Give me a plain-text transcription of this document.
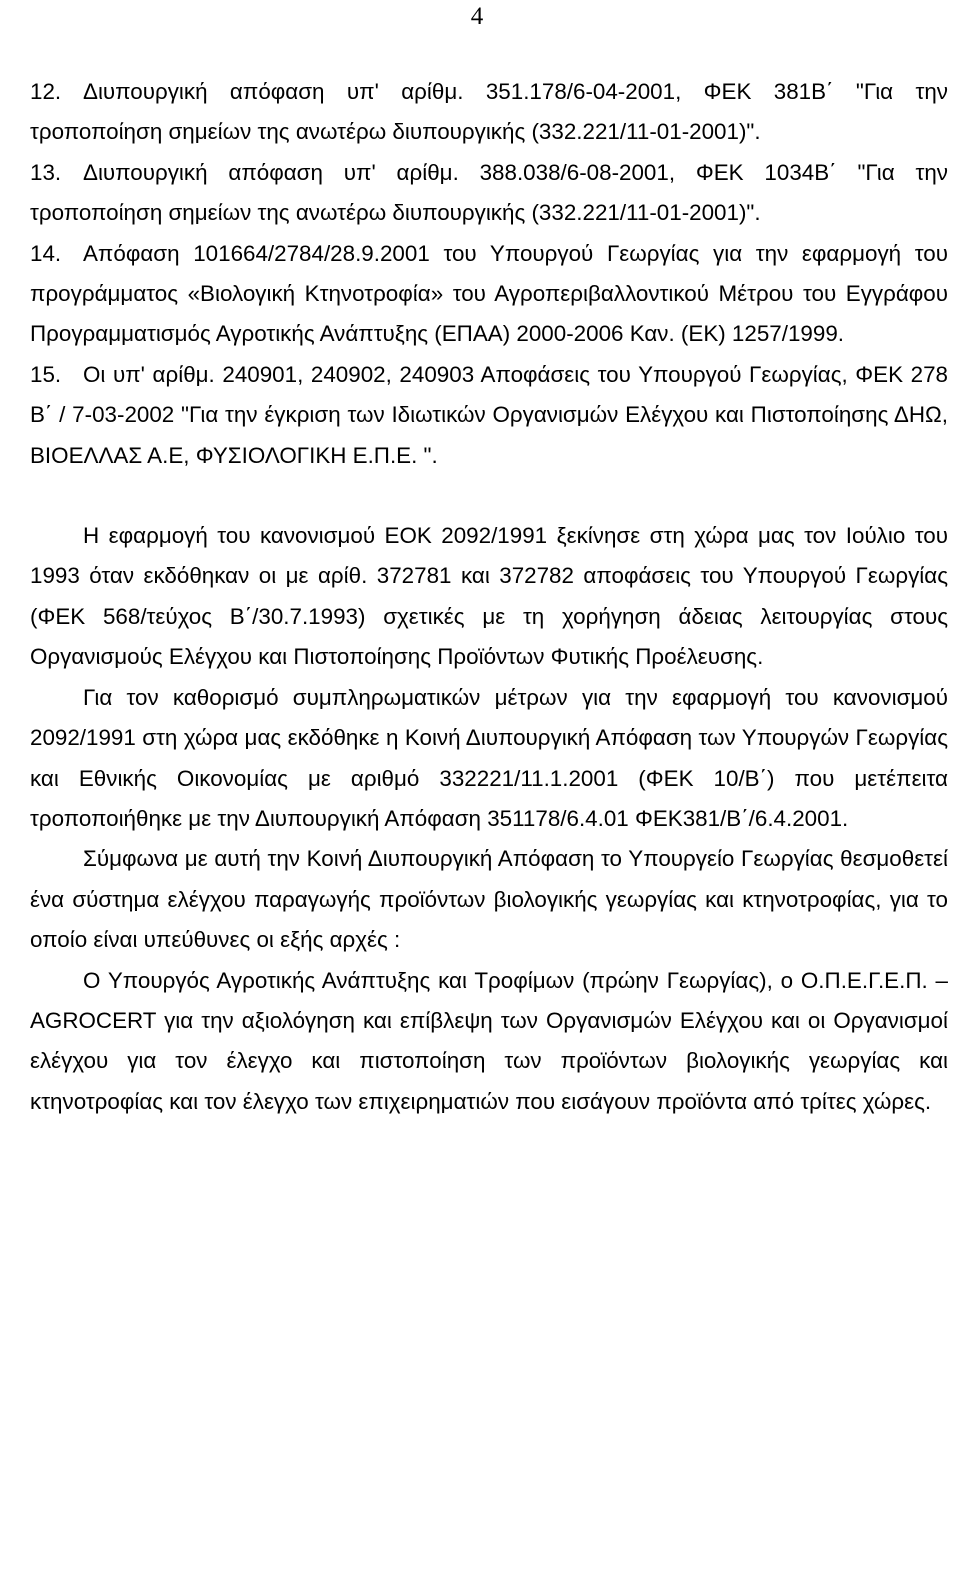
4

12. Διυπουργική απόφαση υπ' αρίθμ. 351.178/6-04-2001, ΦΕΚ 381Β΄ "Για την τροποποίηση σημείων της ανωτέρω διυπουργικής (332.221/11-01-2001)".

13. Διυπουργική απόφαση υπ' αρίθμ. 388.038/6-08-2001, ΦΕΚ 1034Β΄ "Για την τροποποίηση σημείων της ανωτέρω διυπουργικής (332.221/11-01-2001)".

14. Απόφαση 101664/2784/28.9.2001 του Υπουργού Γεωργίας για την εφαρμογή του προγράμματος «Βιολογική Κτηνοτροφία» του Αγροπεριβαλλοντικού Μέτρου του Εγγράφου Προγραμματισμός Αγροτικής Ανάπτυξης (ΕΠΑΑ) 2000-2006 Καν. (ΕΚ) 1257/1999.

15. Οι υπ' αρίθμ. 240901, 240902, 240903 Αποφάσεις του Υπουργού Γεωργίας, ΦΕΚ 278 Β΄ / 7-03-2002 "Για την έγκριση των Ιδιωτικών Οργανισμών Ελέγχου και Πιστοποίησης ΔΗΩ, ΒΙΟΕΛΛΑΣ Α.Ε, ΦΥΣΙΟΛΟΓΙΚΗ Ε.Π.Ε. ".

Η εφαρμογή του κανονισμού ΕΟΚ 2092/1991 ξεκίνησε στη χώρα μας τον Ιούλιο του 1993 όταν εκδόθηκαν οι με αρίθ. 372781 και 372782 αποφάσεις του Υπουργού Γεωργίας (ΦΕΚ 568/τεύχος Β΄/30.7.1993) σχετικές με τη χορήγηση άδειας λειτουργίας στους Οργανισμούς Ελέγχου και Πιστοποίησης Προϊόντων Φυτικής Προέλευσης.

Για τον καθορισμό συμπληρωματικών μέτρων για την εφαρμογή του κανονισμού 2092/1991 στη χώρα μας εκδόθηκε η Κοινή Διυπουργική Απόφαση των Υπουργών Γεωργίας και Εθνικής Οικονομίας με αριθμό 332221/11.1.2001 (ΦΕΚ 10/Β΄) που μετέπειτα τροποποιήθηκε με την Διυπουργική Απόφαση 351178/6.4.01 ΦΕΚ381/Β΄/6.4.2001.

Σύμφωνα με αυτή την Κοινή Διυπουργική Απόφαση το Υπουργείο Γεωργίας θεσμοθετεί ένα σύστημα ελέγχου παραγωγής προϊόντων βιολογικής γεωργίας και κτηνοτροφίας, για το οποίο είναι υπεύθυνες οι εξής αρχές :

Ο Υπουργός Αγροτικής Ανάπτυξης και Τροφίμων (πρώην Γεωργίας), ο Ο.Π.Ε.Γ.Ε.Π. – AGROCERT για την αξιολόγηση και επίβλεψη των Οργανισμών Ελέγχου και οι Οργανισμοί ελέγχου για τον έλεγχο και πιστοποίηση των προϊόντων βιολογικής γεωργίας και κτηνοτροφίας και τον έλεγχο των επιχειρηματιών που εισάγουν προϊόντα από τρίτες χώρες.
